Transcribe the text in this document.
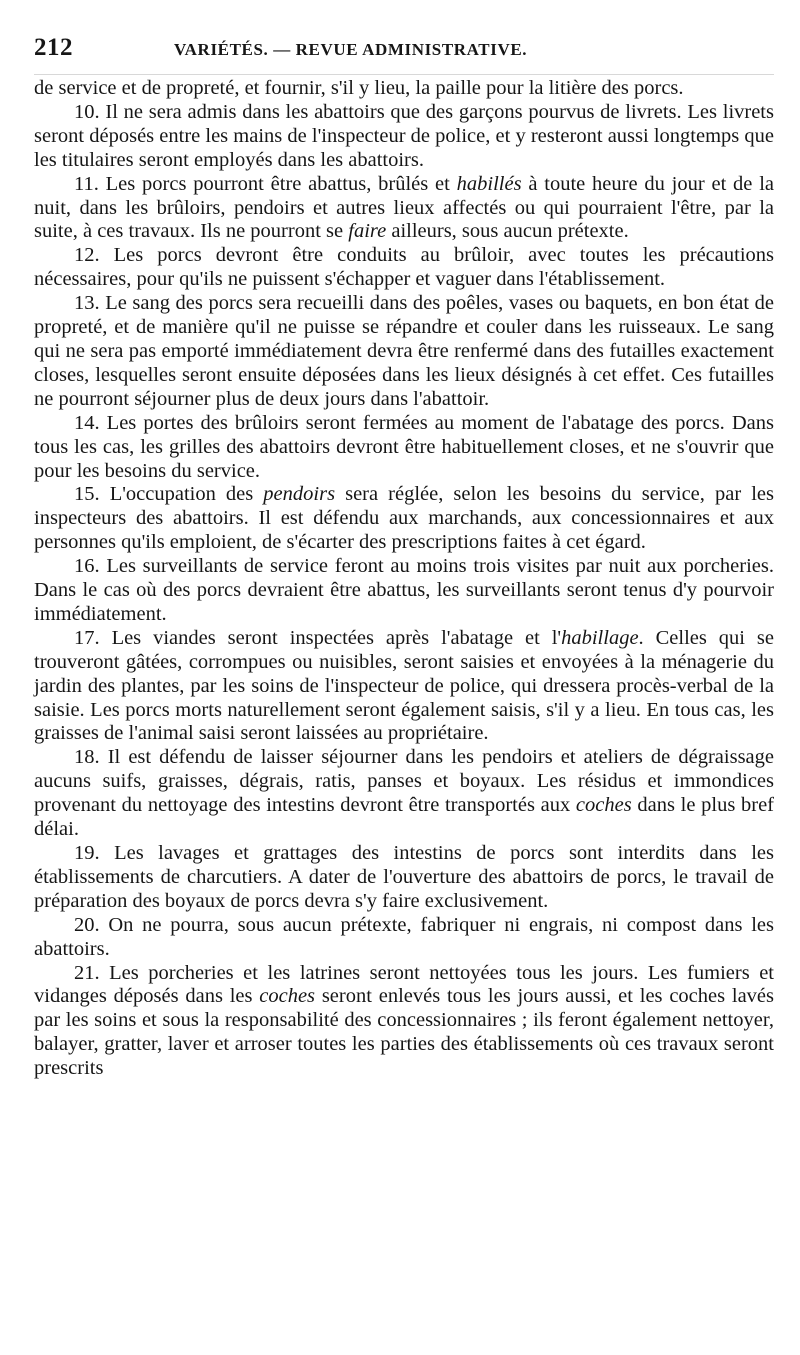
212	VARIÉTÉS. — REVUE ADMINISTRATIVE.

de service et de propreté, et fournir, s'il y lieu, la paille pour la litière des porcs.

10. Il ne sera admis dans les abattoirs que des garçons pourvus de livrets. Les livrets seront déposés entre les mains de l'inspecteur de police, et y resteront aussi longtemps que les titulaires seront employés dans les abattoirs.

11. Les porcs pourront être abattus, brûlés et habillés à toute heure du jour et de la nuit, dans les brûloirs, pendoirs et autres lieux affectés ou qui pourraient l'être, par la suite, à ces travaux. Ils ne pourront se faire ailleurs, sous aucun prétexte.

12. Les porcs devront être conduits au brûloir, avec toutes les précautions nécessaires, pour qu'ils ne puissent s'échapper et vaguer dans l'établissement.

13. Le sang des porcs sera recueilli dans des poêles, vases ou baquets, en bon état de propreté, et de manière qu'il ne puisse se répandre et couler dans les ruisseaux. Le sang qui ne sera pas emporté immédiatement devra être renfermé dans des futailles exactement closes, lesquelles seront ensuite déposées dans les lieux désignés à cet effet. Ces futailles ne pourront séjourner plus de deux jours dans l'abattoir.

14. Les portes des brûloirs seront fermées au moment de l'abatage des porcs. Dans tous les cas, les grilles des abattoirs devront être habituellement closes, et ne s'ouvrir que pour les besoins du service.

15. L'occupation des pendoirs sera réglée, selon les besoins du service, par les inspecteurs des abattoirs. Il est défendu aux marchands, aux concessionnaires et aux personnes qu'ils emploient, de s'écarter des prescriptions faites à cet égard.

16. Les surveillants de service feront au moins trois visites par nuit aux porcheries. Dans le cas où des porcs devraient être abattus, les surveillants seront tenus d'y pourvoir immédiatement.

17. Les viandes seront inspectées après l'abatage et l'habillage. Celles qui se trouveront gâtées, corrompues ou nuisibles, seront saisies et envoyées à la ménagerie du jardin des plantes, par les soins de l'inspecteur de police, qui dressera procès-verbal de la saisie. Les porcs morts naturellement seront également saisis, s'il y a lieu. En tous cas, les graisses de l'animal saisi seront laissées au propriétaire.

18. Il est défendu de laisser séjourner dans les pendoirs et ateliers de dégraissage aucuns suifs, graisses, dégrais, ratis, panses et boyaux. Les résidus et immondices provenant du nettoyage des intestins devront être transportés aux coches dans le plus bref délai.

19. Les lavages et grattages des intestins de porcs sont interdits dans les établissements de charcutiers. A dater de l'ouverture des abattoirs de porcs, le travail de préparation des boyaux de porcs devra s'y faire exclusivement.

20. On ne pourra, sous aucun prétexte, fabriquer ni engrais, ni compost dans les abattoirs.

21. Les porcheries et les latrines seront nettoyées tous les jours. Les fumiers et vidanges déposés dans les coches seront enlevés tous les jours aussi, et les coches lavés par les soins et sous la responsabilité des concessionnaires ; ils feront également nettoyer, balayer, gratter, laver et arroser toutes les parties des établissements où ces travaux seront prescrits
